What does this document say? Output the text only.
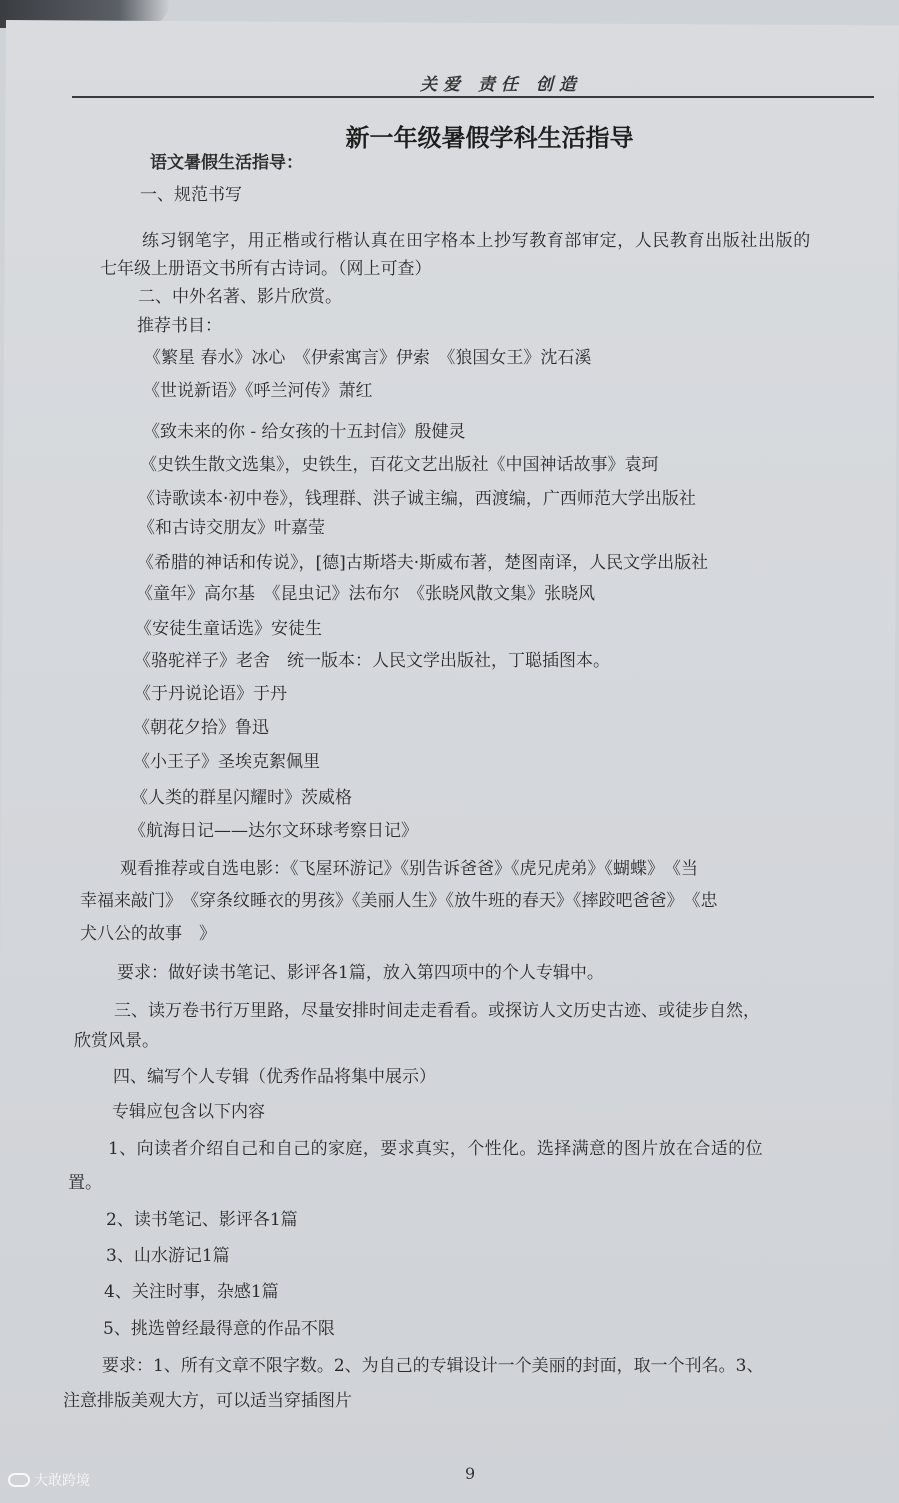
关爱 责任 创造
新一年级暑假学科生活指导
语文暑假生活指导：
一、规范书写
练习钢笔字，用正楷或行楷认真在田字格本上抄写教育部审定，人民教育出版社出版的
七年级上册语文书所有古诗词。（网上可查）
二、中外名著、影片欣赏。
推荐书目：
《繁星 春水》冰心　《伊索寓言》伊索　《狼国女王》沈石溪
《世说新语》《呼兰河传》萧红
《致未来的你 - 给女孩的十五封信》殷健灵
《史铁生散文选集》，史铁生，百花文艺出版社《中国神话故事》袁珂
《诗歌读本·初中卷》，钱理群、洪子诚主编，西渡编，广西师范大学出版社
《和古诗交朋友》叶嘉莹
《希腊的神话和传说》，[德]古斯塔夫·斯威布著，楚图南译，人民文学出版社
《童年》高尔基　《昆虫记》法布尔　《张晓风散文集》张晓风
《安徒生童话选》安徒生
《骆驼祥子》老舍　统一版本：人民文学出版社，丁聪插图本。
《于丹说论语》于丹
《朝花夕拾》鲁迅
《小王子》圣埃克絮佩里
《人类的群星闪耀时》茨威格
《航海日记——达尔文环球考察日记》
观看推荐或自选电影：《飞屋环游记》《别告诉爸爸》《虎兄虎弟》《蝴蝶》　《当
幸福来敲门》　《穿条纹睡衣的男孩》《美丽人生》《放牛班的春天》《摔跤吧爸爸》　《忠
犬八公的故事　》
要求：做好读书笔记、影评各1篇，放入第四项中的个人专辑中。
三、读万卷书行万里路，尽量安排时间走走看看。或探访人文历史古迹、或徒步自然，
欣赏风景。
四、编写个人专辑（优秀作品将集中展示）
专辑应包含以下内容
1、向读者介绍自己和自己的家庭，要求真实，个性化。选择满意的图片放在合适的位
置。
2、读书笔记、影评各1篇
3、山水游记1篇
4、关注时事，杂感1篇
5、挑选曾经最得意的作品不限
要求：1、所有文章不限字数。2、为自己的专辑设计一个美丽的封面，取一个刊名。3、
注意排版美观大方，可以适当穿插图片
9
大敢跨境
